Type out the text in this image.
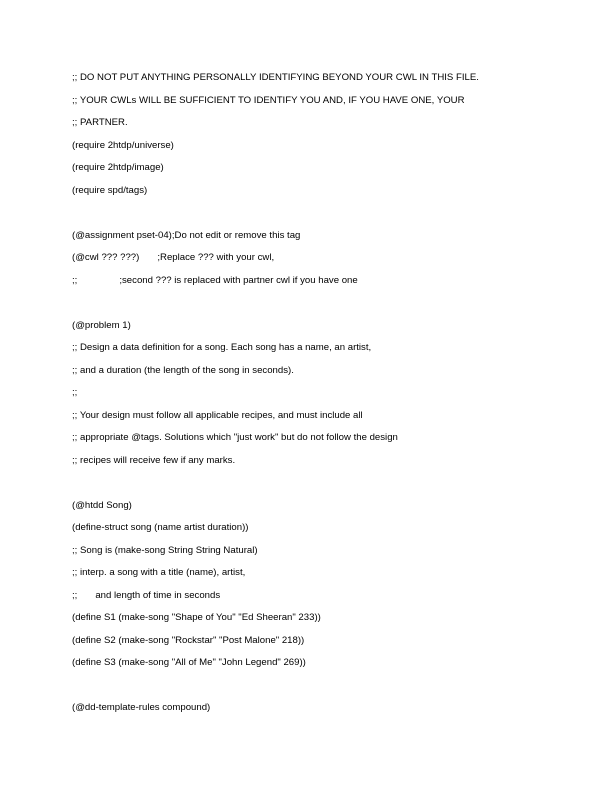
;; DO NOT PUT ANYTHING PERSONALLY IDENTIFYING BEYOND YOUR CWL IN THIS FILE.

;; YOUR CWLs WILL BE SUFFICIENT TO IDENTIFY YOU AND, IF YOU HAVE ONE, YOUR

;; PARTNER.

(require 2htdp/universe)

(require 2htdp/image)

(require spd/tags)

(@assignment pset-04);Do not edit or remove this tag

(@cwl ??? ???) ;Replace ??? with your cwl,

;;	;second ??? is replaced with partner cwl if you have one

(@problem 1)

;; Design a data definition for a song. Each song has a name, an artist,

;; and a duration (the length of the song in seconds).

;;

;; Your design must follow all applicable recipes, and must include all

;; appropriate @tags. Solutions which "just work" but do not follow the design

;; recipes will receive few if any marks.

(@htdd Song)

(define-struct song (name artist duration))

;; Song is (make-song String String Natural)

;; interp. a song with a title (name), artist,

;; and length of time in seconds

(define S1 (make-song "Shape of You" "Ed Sheeran" 233))

(define S2 (make-song "Rockstar" "Post Malone" 218))

(define S3 (make-song "All of Me" "John Legend" 269))

(@dd-template-rules compound)
